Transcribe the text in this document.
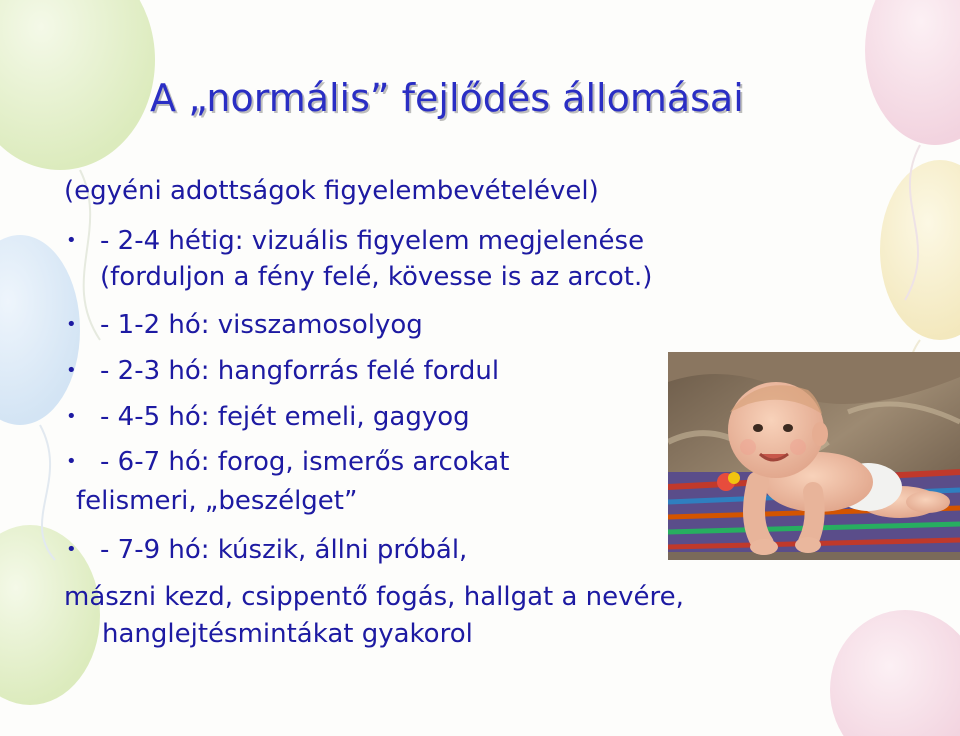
A „normális” fejlődés állomásai

(egyéni adottságok figyelembevételével)

• - 2-4 hétig: vizuális figyelem megjelenése

(forduljon a fény felé, kövesse is az arcot.)

• - 1-2 hó: visszamosolyog

• - 2-3 hó: hangforrás felé fordul

• - 4-5 hó: fejét emeli, gagyog

• - 6-7 hó: forog, ismerős arcokat

felismeri, „beszélget”

• - 7-9 hó: kúszik, állni próbál,

mászni kezd, csippentő fogás, hallgat a nevére,

hanglejtésmintákat gyakorol
